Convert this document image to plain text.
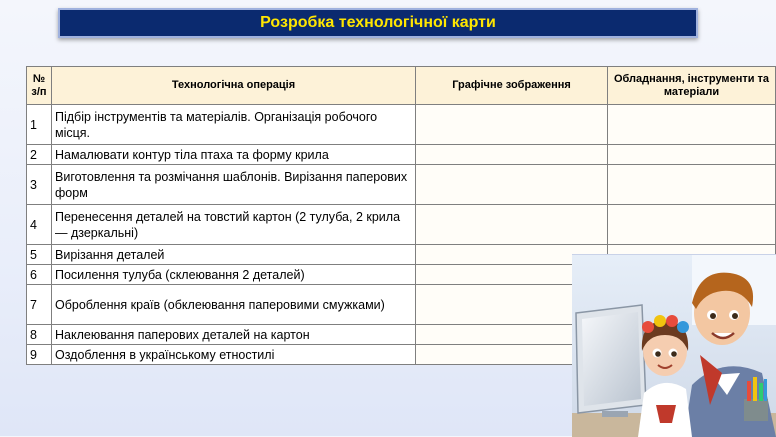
Розробка технологічної карти
№ з/п	Технологічна операція	Графічне зображення	Обладнання, інструменти та матеріали
1	Підбір інструментів та матеріалів. Організація робочого місця.		
2	Намалювати контур тіла птаха та форму крила		
3	Виготовлення та розмічання шаблонів. Вирізання паперових форм		
4	Перенесення деталей на товстий картон (2 тулуба, 2 крила — дзеркальні)		
5	Вирізання деталей		
6	Посилення тулуба (склеювання 2 деталей)		
7	Оброблення країв (обклеювання паперовими смужками)		
8	Наклеювання паперових деталей на картон		
9	Оздоблення в українському етностилі		
